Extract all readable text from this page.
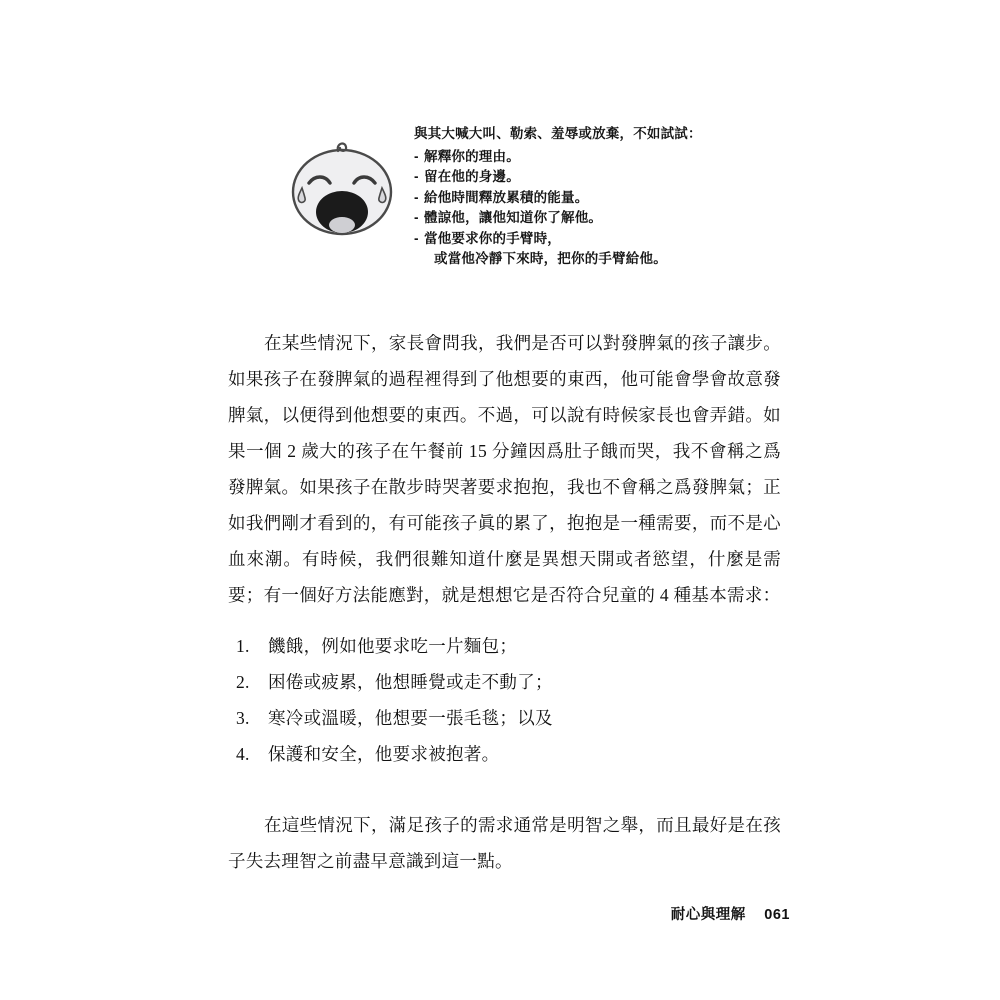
與其大喊大叫、勒索、羞辱或放棄，不如試試：
- 解釋你的理由。
- 留在他的身邊。
- 給他時間釋放累積的能量。
- 體諒他，讓他知道你了解他。
- 當他要求你的手臂時，
或當他冷靜下來時，把你的手臂給他。

在某些情況下，家長會問我，我們是否可以對發脾氣的孩子讓步。如果孩子在發脾氣的過程裡得到了他想要的東西，他可能會學會故意發脾氣，以便得到他想要的東西。不過，可以說有時候家長也會弄錯。如果一個 2 歲大的孩子在午餐前 15 分鐘因爲肚子餓而哭，我不會稱之爲發脾氣。如果孩子在散步時哭著要求抱抱，我也不會稱之爲發脾氣；正如我們剛才看到的，有可能孩子眞的累了，抱抱是一種需要，而不是心血來潮。有時候，我們很難知道什麼是異想天開或者慾望，什麼是需要；有一個好方法能應對，就是想想它是否符合兒童的 4 種基本需求：

1.	饑餓，例如他要求吃一片麵包；
2.	困倦或疲累，他想睡覺或走不動了；
3.	寒冷或溫暖，他想要一張毛毯；以及
4.	保護和安全，他要求被抱著。

在這些情況下，滿足孩子的需求通常是明智之舉，而且最好是在孩子失去理智之前盡早意識到這一點。

耐心與理解 061
